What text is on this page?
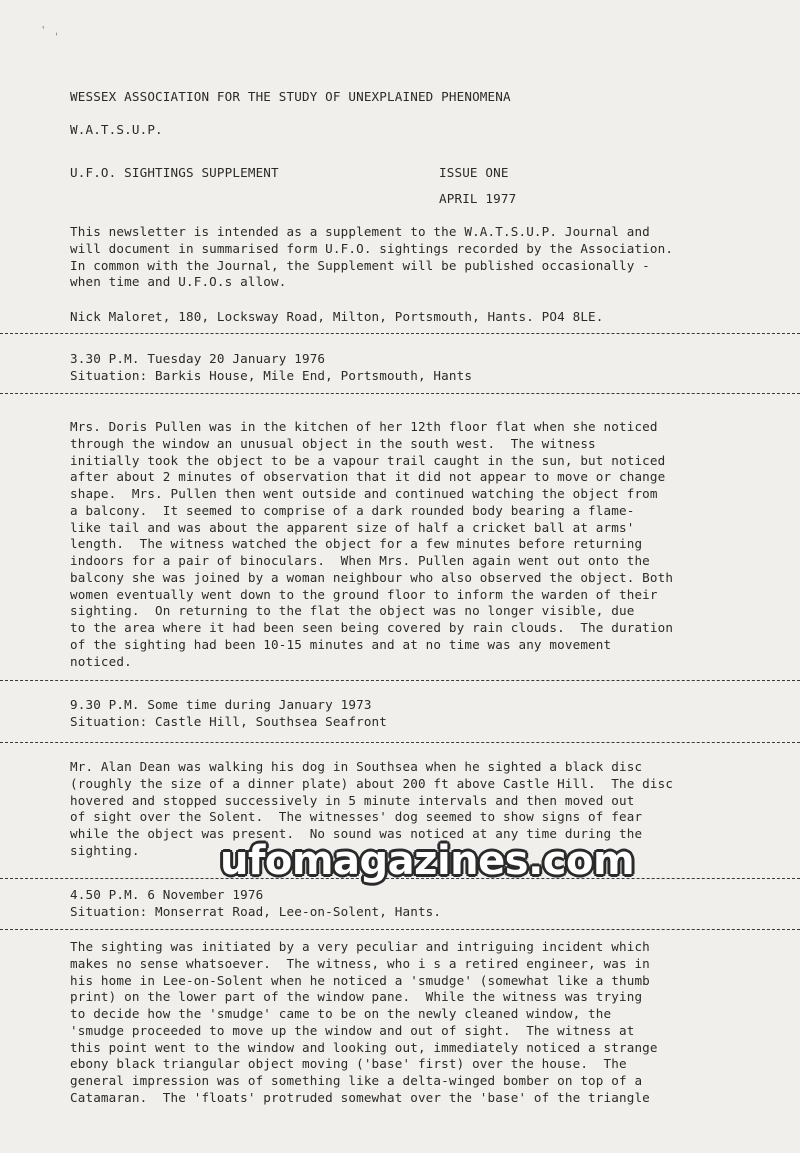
ʿ ˌ
WESSEX ASSOCIATION FOR THE STUDY OF UNEXPLAINED PHENOMENA
W.A.T.S.U.P.
U.F.O. SIGHTINGS SUPPLEMENT	ISSUE ONE
APRIL 1977
This newsletter is intended as a supplement to the W.A.T.S.U.P. Journal and
will document in summarised form U.F.O. sightings recorded by the Association.
In common with the Journal, the Supplement will be published occasionally -
when time and U.F.O.s allow.
Nick Maloret, 180, Locksway Road, Milton, Portsmouth, Hants. PO4 8LE.
3.30 P.M. Tuesday 20 January 1976
Situation: Barkis House, Mile End, Portsmouth, Hants
Mrs. Doris Pullen was in the kitchen of her 12th floor flat when she noticed
through the window an unusual object in the south west.  The witness
initially took the object to be a vapour trail caught in the sun, but noticed
after about 2 minutes of observation that it did not appear to move or change
shape.  Mrs. Pullen then went outside and continued watching the object from
a balcony.  It seemed to comprise of a dark rounded body bearing a flame-
like tail and was about the apparent size of half a cricket ball at arms'
length.  The witness watched the object for a few minutes before returning
indoors for a pair of binoculars.  When Mrs. Pullen again went out onto the
balcony she was joined by a woman neighbour who also observed the object. Both
women eventually went down to the ground floor to inform the warden of their
sighting.  On returning to the flat the object was no longer visible, due
to the area where it had been seen being covered by rain clouds.  The duration
of the sighting had been 10-15 minutes and at no time was any movement
noticed.
9.30 P.M. Some time during January 1973
Situation: Castle Hill, Southsea Seafront
Mr. Alan Dean was walking his dog in Southsea when he sighted a black disc
(roughly the size of a dinner plate) about 200 ft above Castle Hill.  The disc
hovered and stopped successively in 5 minute intervals and then moved out
of sight over the Solent.  The witnesses' dog seemed to show signs of fear
while the object was present.  No sound was noticed at any time during the
sighting.
4.50 P.M. 6 November 1976
Situation: Monserrat Road, Lee-on-Solent, Hants.
The sighting was initiated by a very peculiar and intriguing incident which
makes no sense whatsoever.  The witness, who i s a retired engineer, was in
his home in Lee-on-Solent when he noticed a 'smudge' (somewhat like a thumb
print) on the lower part of the window pane.  While the witness was trying
to decide how the 'smudge' came to be on the newly cleaned window, the
'smudge proceeded to move up the window and out of sight.  The witness at
this point went to the window and looking out, immediately noticed a strange
ebony black triangular object moving ('base' first) over the house.  The
general impression was of something like a delta-winged bomber on top of a
Catamaran.  The 'floats' protruded somewhat over the 'base' of the triangle
ufomagazines.com
